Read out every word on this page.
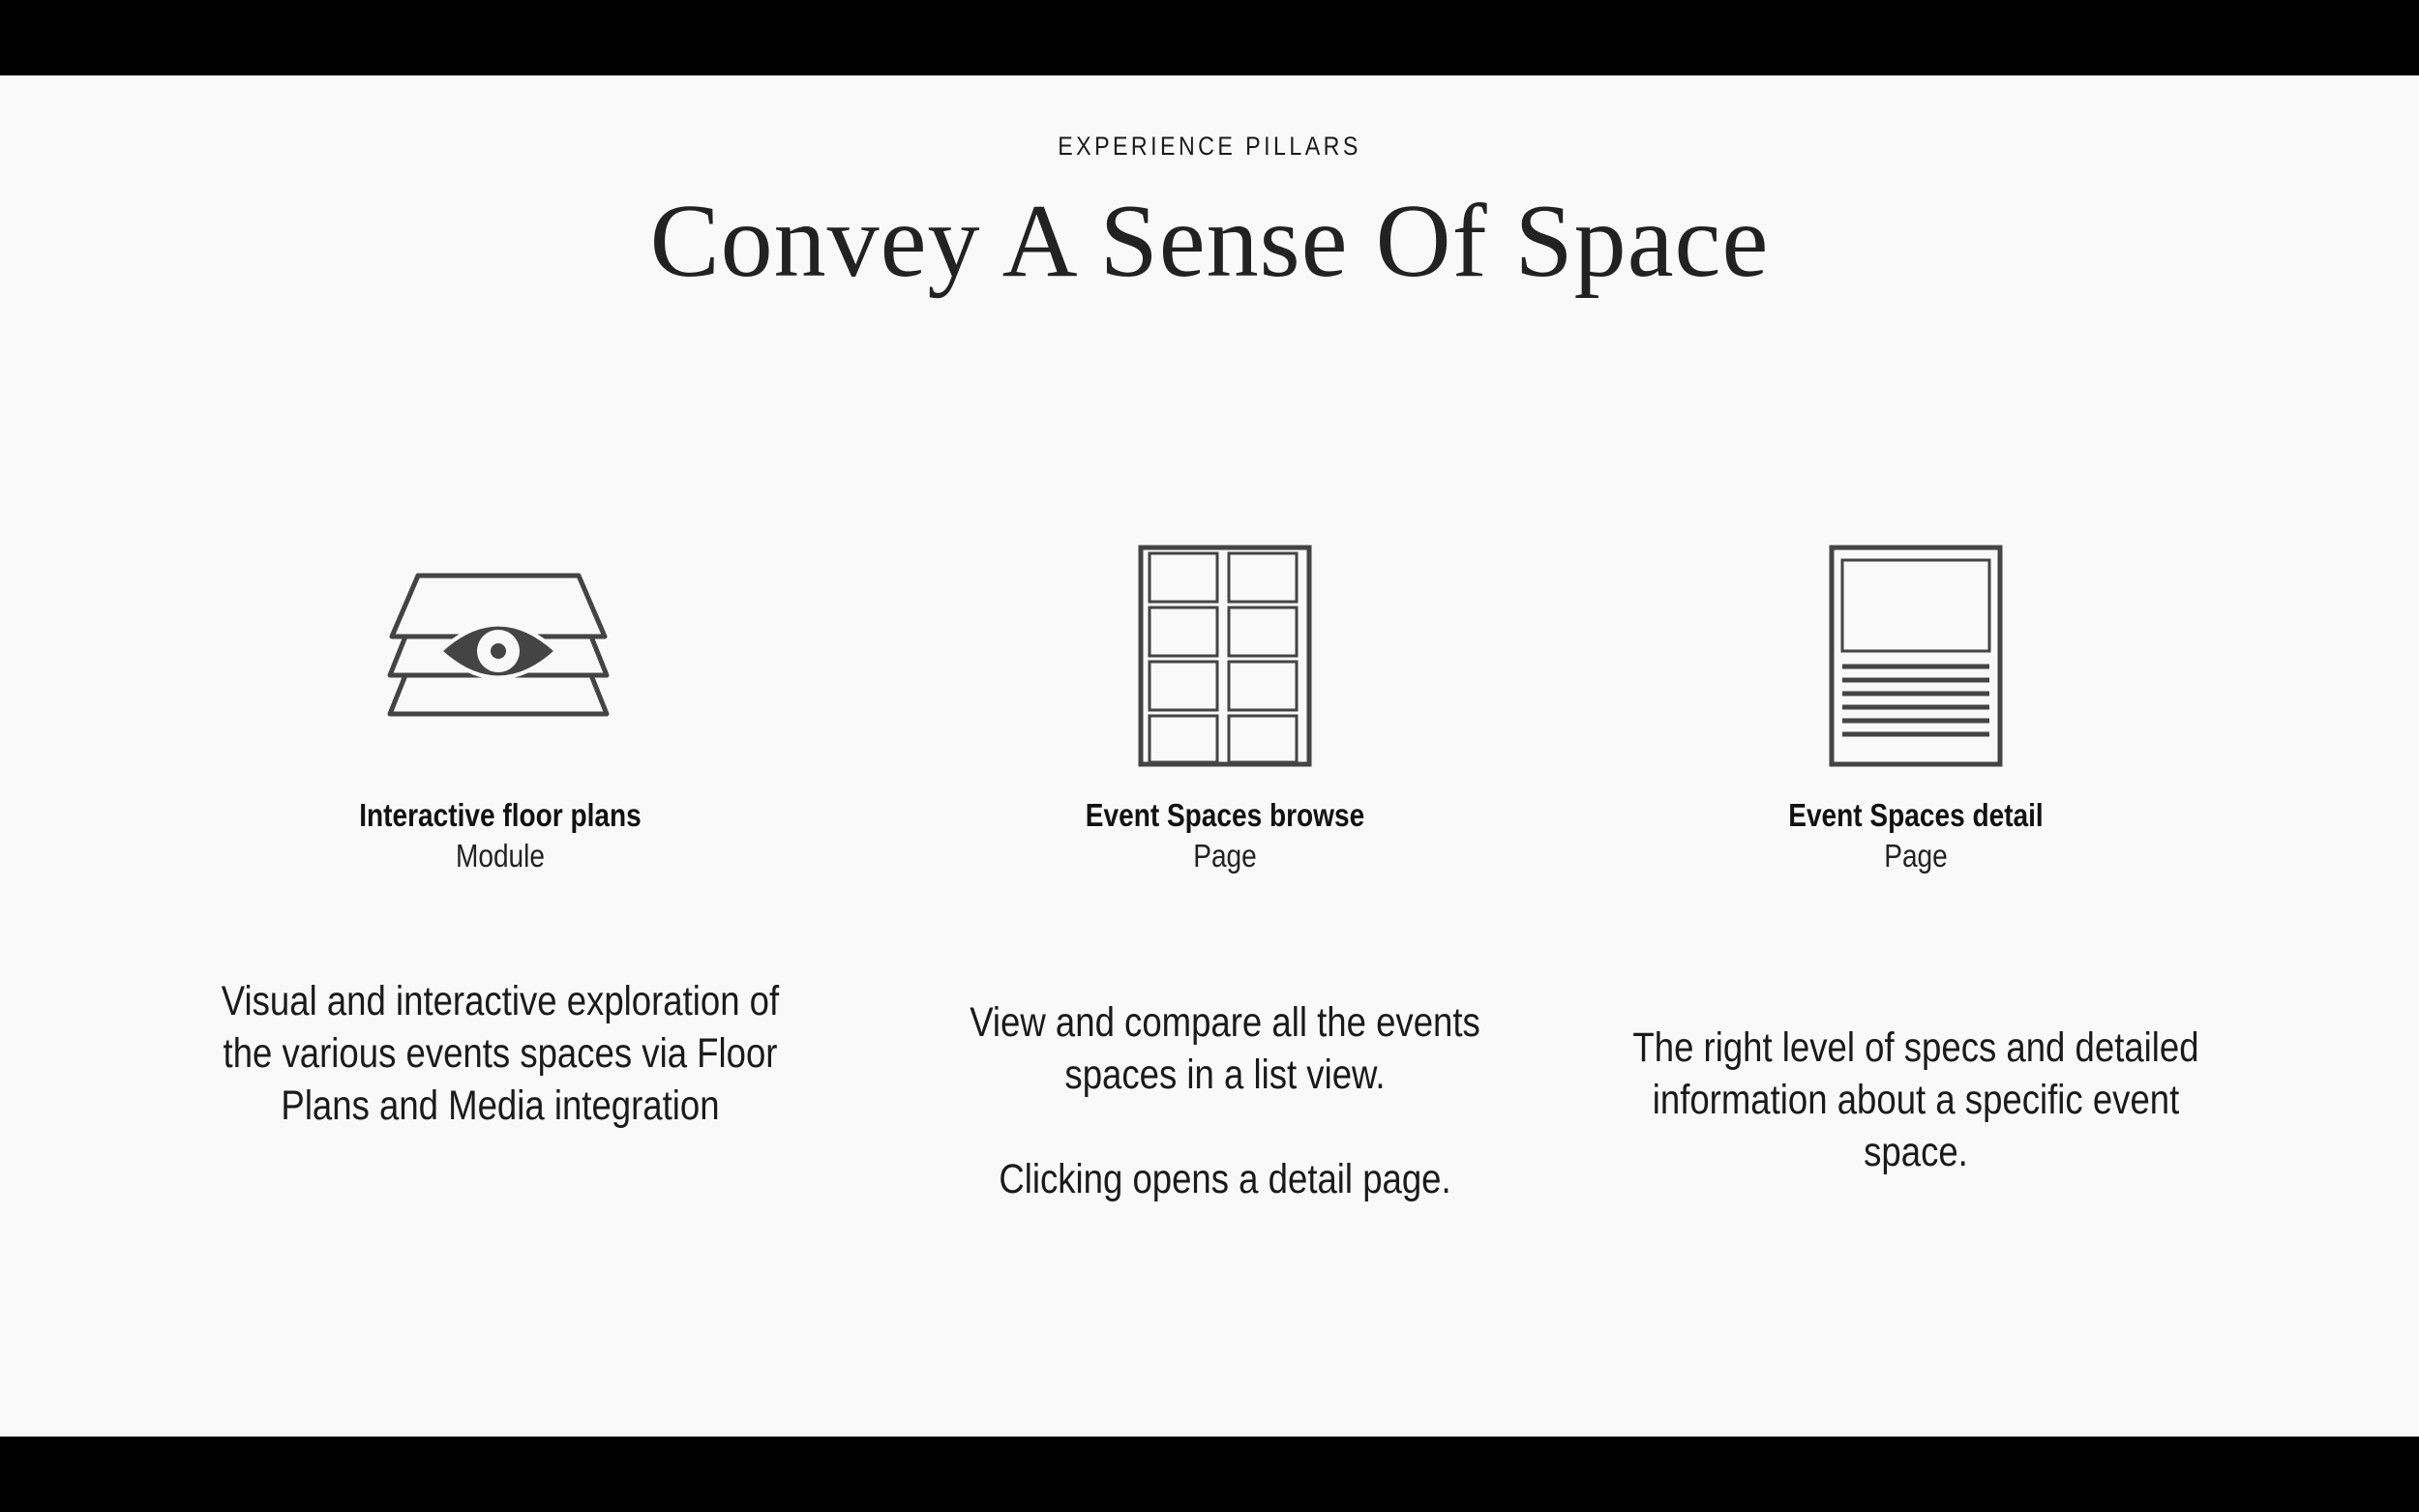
EXPERIENCE PILLARS
Convey A Sense Of Space
Interactive floor plans
Module

Visual and interactive exploration of the various events spaces via Floor Plans and Media integration

Event Spaces browse
Page

View and compare all the events spaces in a list view.

Clicking opens a detail page.

Event Spaces detail
Page

The right level of specs and detailed information about a specific event space.
